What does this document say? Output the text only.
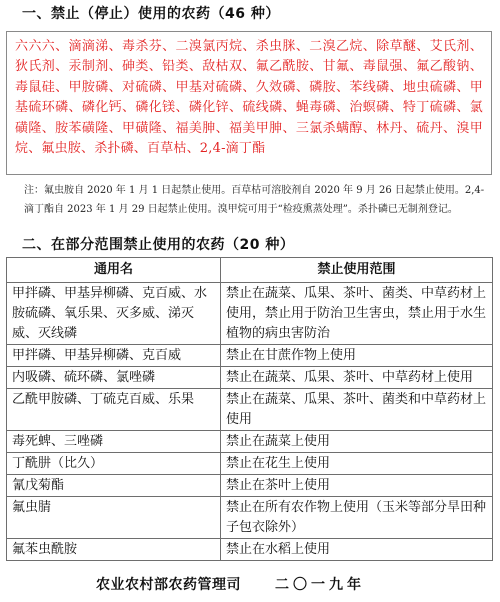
一、禁止（停止）使用的农药（46 种）
六六六、滴滴涕、毒杀芬、二溴氯丙烷、杀虫脒、二溴乙烷、除草醚、艾氏剂、狄氏剂、汞制剂、砷类、铅类、敌枯双、氟乙酰胺、甘氟、毒鼠强、氟乙酸钠、毒鼠硅、甲胺磷、对硫磷、甲基对硫磷、久效磷、磷胺、苯线磷、地虫硫磷、甲基硫环磷、磷化钙、磷化镁、磷化锌、硫线磷、蝇毒磷、治螟磷、特丁硫磷、氯磺隆、胺苯磺隆、甲磺隆、福美胂、福美甲胂、三氯杀螨醇、林丹、硫丹、溴甲烷、氟虫胺、杀扑磷、百草枯、2,4-滴丁酯
注：氟虫胺自 2020 年 1 月 1 日起禁止使用。百草枯可溶胶剂自 2020 年 9 月 26 日起禁止使用。2,4-滴丁酯自 2023 年 1 月 29 日起禁止使用。溴甲烷可用于“检疫熏蒸处理”。杀扑磷已无制剂登记。
二、在部分范围禁止使用的农药（20 种）
通用名	禁止使用范围
甲拌磷、甲基异柳磷、克百威、水胺硫磷、氧乐果、灭多威、涕灭威、灭线磷	禁止在蔬菜、瓜果、茶叶、菌类、中草药材上使用，禁止用于防治卫生害虫，禁止用于水生植物的病虫害防治
甲拌磷、甲基异柳磷、克百威	禁止在甘蔗作物上使用
内吸磷、硫环磷、氯唑磷	禁止在蔬菜、瓜果、茶叶、中草药材上使用
乙酰甲胺磷、丁硫克百威、乐果	禁止在蔬菜、瓜果、茶叶、菌类和中草药材上使用
毒死蜱、三唑磷	禁止在蔬菜上使用
丁酰肼（比久）	禁止在花生上使用
氰戊菊酯	禁止在茶叶上使用
氟虫腈	禁止在所有农作物上使用（玉米等部分旱田种子包衣除外）
氟苯虫酰胺	禁止在水稻上使用
农业农村部农药管理司 二〇一九年
